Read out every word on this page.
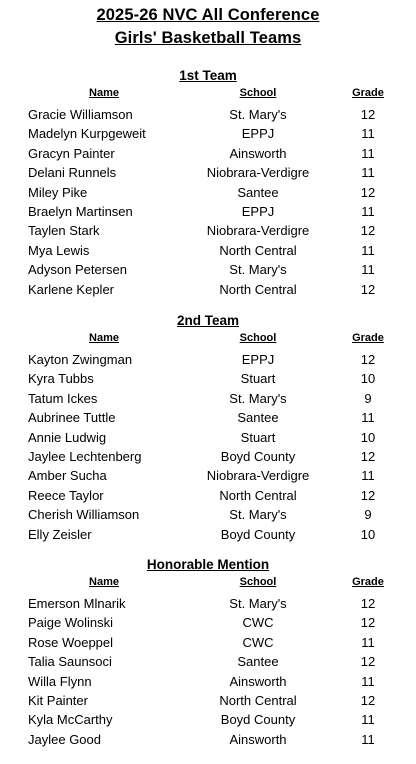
2025-26 NVC All Conference
Girls' Basketball Teams
1st Team
Name	School	Grade
Gracie Williamson	St. Mary's	12
Madelyn Kurpgeweit	EPPJ	11
Gracyn Painter	Ainsworth	11
Delani Runnels	Niobrara-Verdigre	11
Miley Pike	Santee	12
Braelyn Martinsen	EPPJ	11
Taylen Stark	Niobrara-Verdigre	12
Mya Lewis	North Central	11
Adyson Petersen	St. Mary's	11
Karlene Kepler	North Central	12
2nd Team
Name	School	Grade
Kayton Zwingman	EPPJ	12
Kyra Tubbs	Stuart	10
Tatum Ickes	St. Mary's	9
Aubrinee Tuttle	Santee	11
Annie Ludwig	Stuart	10
Jaylee Lechtenberg	Boyd County	12
Amber Sucha	Niobrara-Verdigre	11
Reece Taylor	North Central	12
Cherish Williamson	St. Mary's	9
Elly Zeisler	Boyd County	10
Honorable Mention
Name	School	Grade
Emerson Mlnarik	St. Mary's	12
Paige Wolinski	CWC	12
Rose Woeppel	CWC	11
Talia Saunsoci	Santee	12
Willa Flynn	Ainsworth	11
Kit Painter	North Central	12
Kyla McCarthy	Boyd County	11
Jaylee Good	Ainsworth	11
